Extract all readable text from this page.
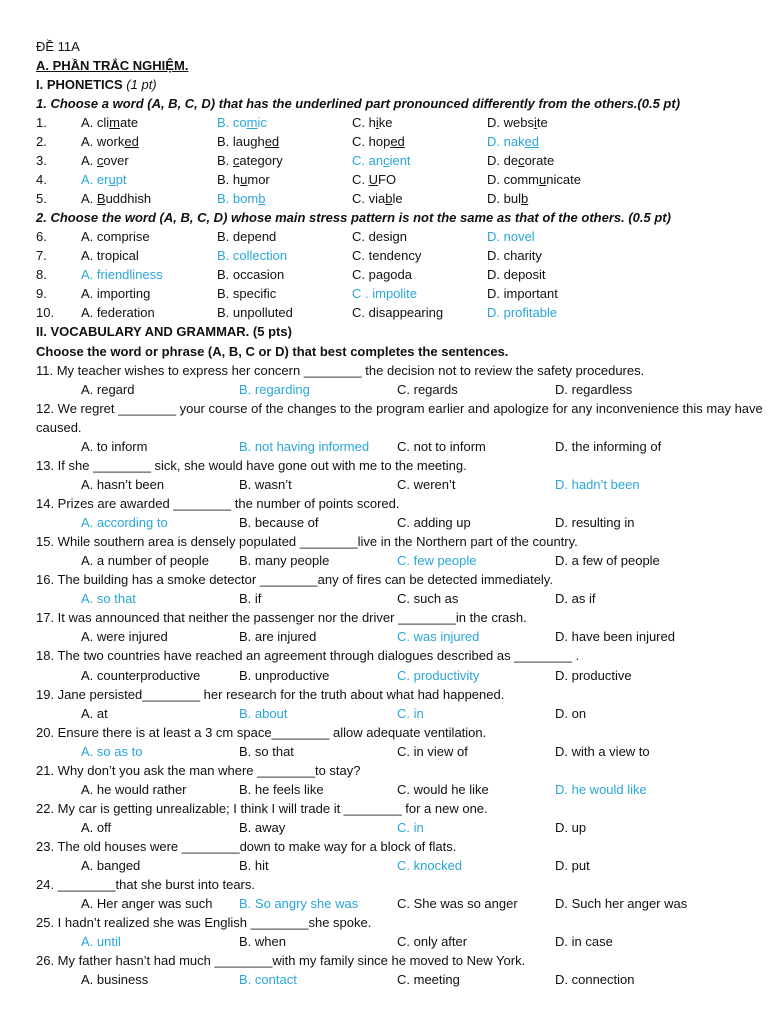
ĐỀ 11A
A. PHẦN TRẮC NGHIỆM.
I. PHONETICS (1 pt)
1. Choose a word (A, B, C, D) that has the underlined part pronounced differently from the others.(0.5 pt)
1.	A. climate	B. comic	C. hike	D. website
2.	A. worked	B. laughed	C. hoped	D. naked
3.	A. cover	B. category	C. ancient	D. decorate
4.	A. erupt	B. humor	C. UFO	D. communicate
5.	A. Buddhish	B. bomb	C. viable	D. bulb
2. Choose the word (A, B, C, D) whose main stress pattern is not the same as that of the others. (0.5 pt)
6.	A. comprise	B. depend	C. design	D. novel
7.	A. tropical	B. collection	C. tendency	D. charity
8.	A. friendliness	B. occasion	C. pagoda	D. deposit
9.	A. importing	B. specific	C . impolite	D. important
10. A. federation	B. unpolluted	C. disappearing	D. profitable
II. VOCABULARY AND GRAMMAR. (5 pts)
Choose the word or phrase (A, B, C or D) that best completes the sentences.
11. My teacher wishes to express her concern ________ the decision not to review the safety procedures.
A. regard	B. regarding	C. regards	D. regardless
12. We regret ________ your course of the changes to the program earlier and apologize for any inconvenience this may have caused.
A. to inform	B. not having informed C. not to inform	D. the informing of
13. If she ________ sick, she would have gone out with me to the meeting.
A. hasn’t been	B. wasn’t	C. weren’t	D. hadn’t been
14. Prizes are awarded ________ the number of points scored.
A. according to	B. because of	C. adding up	D. resulting in
15. While southern area is densely populated ________live in the Northern part of the country.
A. a number of people B. many people	C. few people	D. a few of people
16. The building has a smoke detector ________any of fires can be detected immediately.
A. so that	B. if	C. such as	D. as if
17. It was announced that neither the passenger nor the driver ________in the crash.
A. were injured	B. are injured	C. was injured	D. have been injured
18. The two countries have reached an agreement through dialogues described as ________ .
A. counterproductive	B. unproductive	C. productivity	D. productive
19. Jane persisted________ her research for the truth about what had happened.
A. at	B. about	C. in	D. on
20. Ensure there is at least a 3 cm space________ allow adequate ventilation.
A. so as to	B. so that	C. in view of	D. with a view to
21. Why don’t you ask the man where ________to stay?
A. he would rather	B. he feels like	C. would he like	D. he would like
22. My car is getting unrealizable; I think I will trade it ________ for a new one.
A. off	B. away	C. in	D. up
23. The old houses were ________down to make way for a block of flats.
A. banged	B. hit	C. knocked	D. put
24. ________that she burst into tears.
A. Her anger was such B. So angry she was	C. She was so anger	D. Such her anger was
25. I hadn’t realized she was English ________she spoke.
A. until	B. when	C. only after	D. in case
26. My father hasn’t had much ________with my family since he moved to New York.
A. business	B. contact	C. meeting	D. connection
